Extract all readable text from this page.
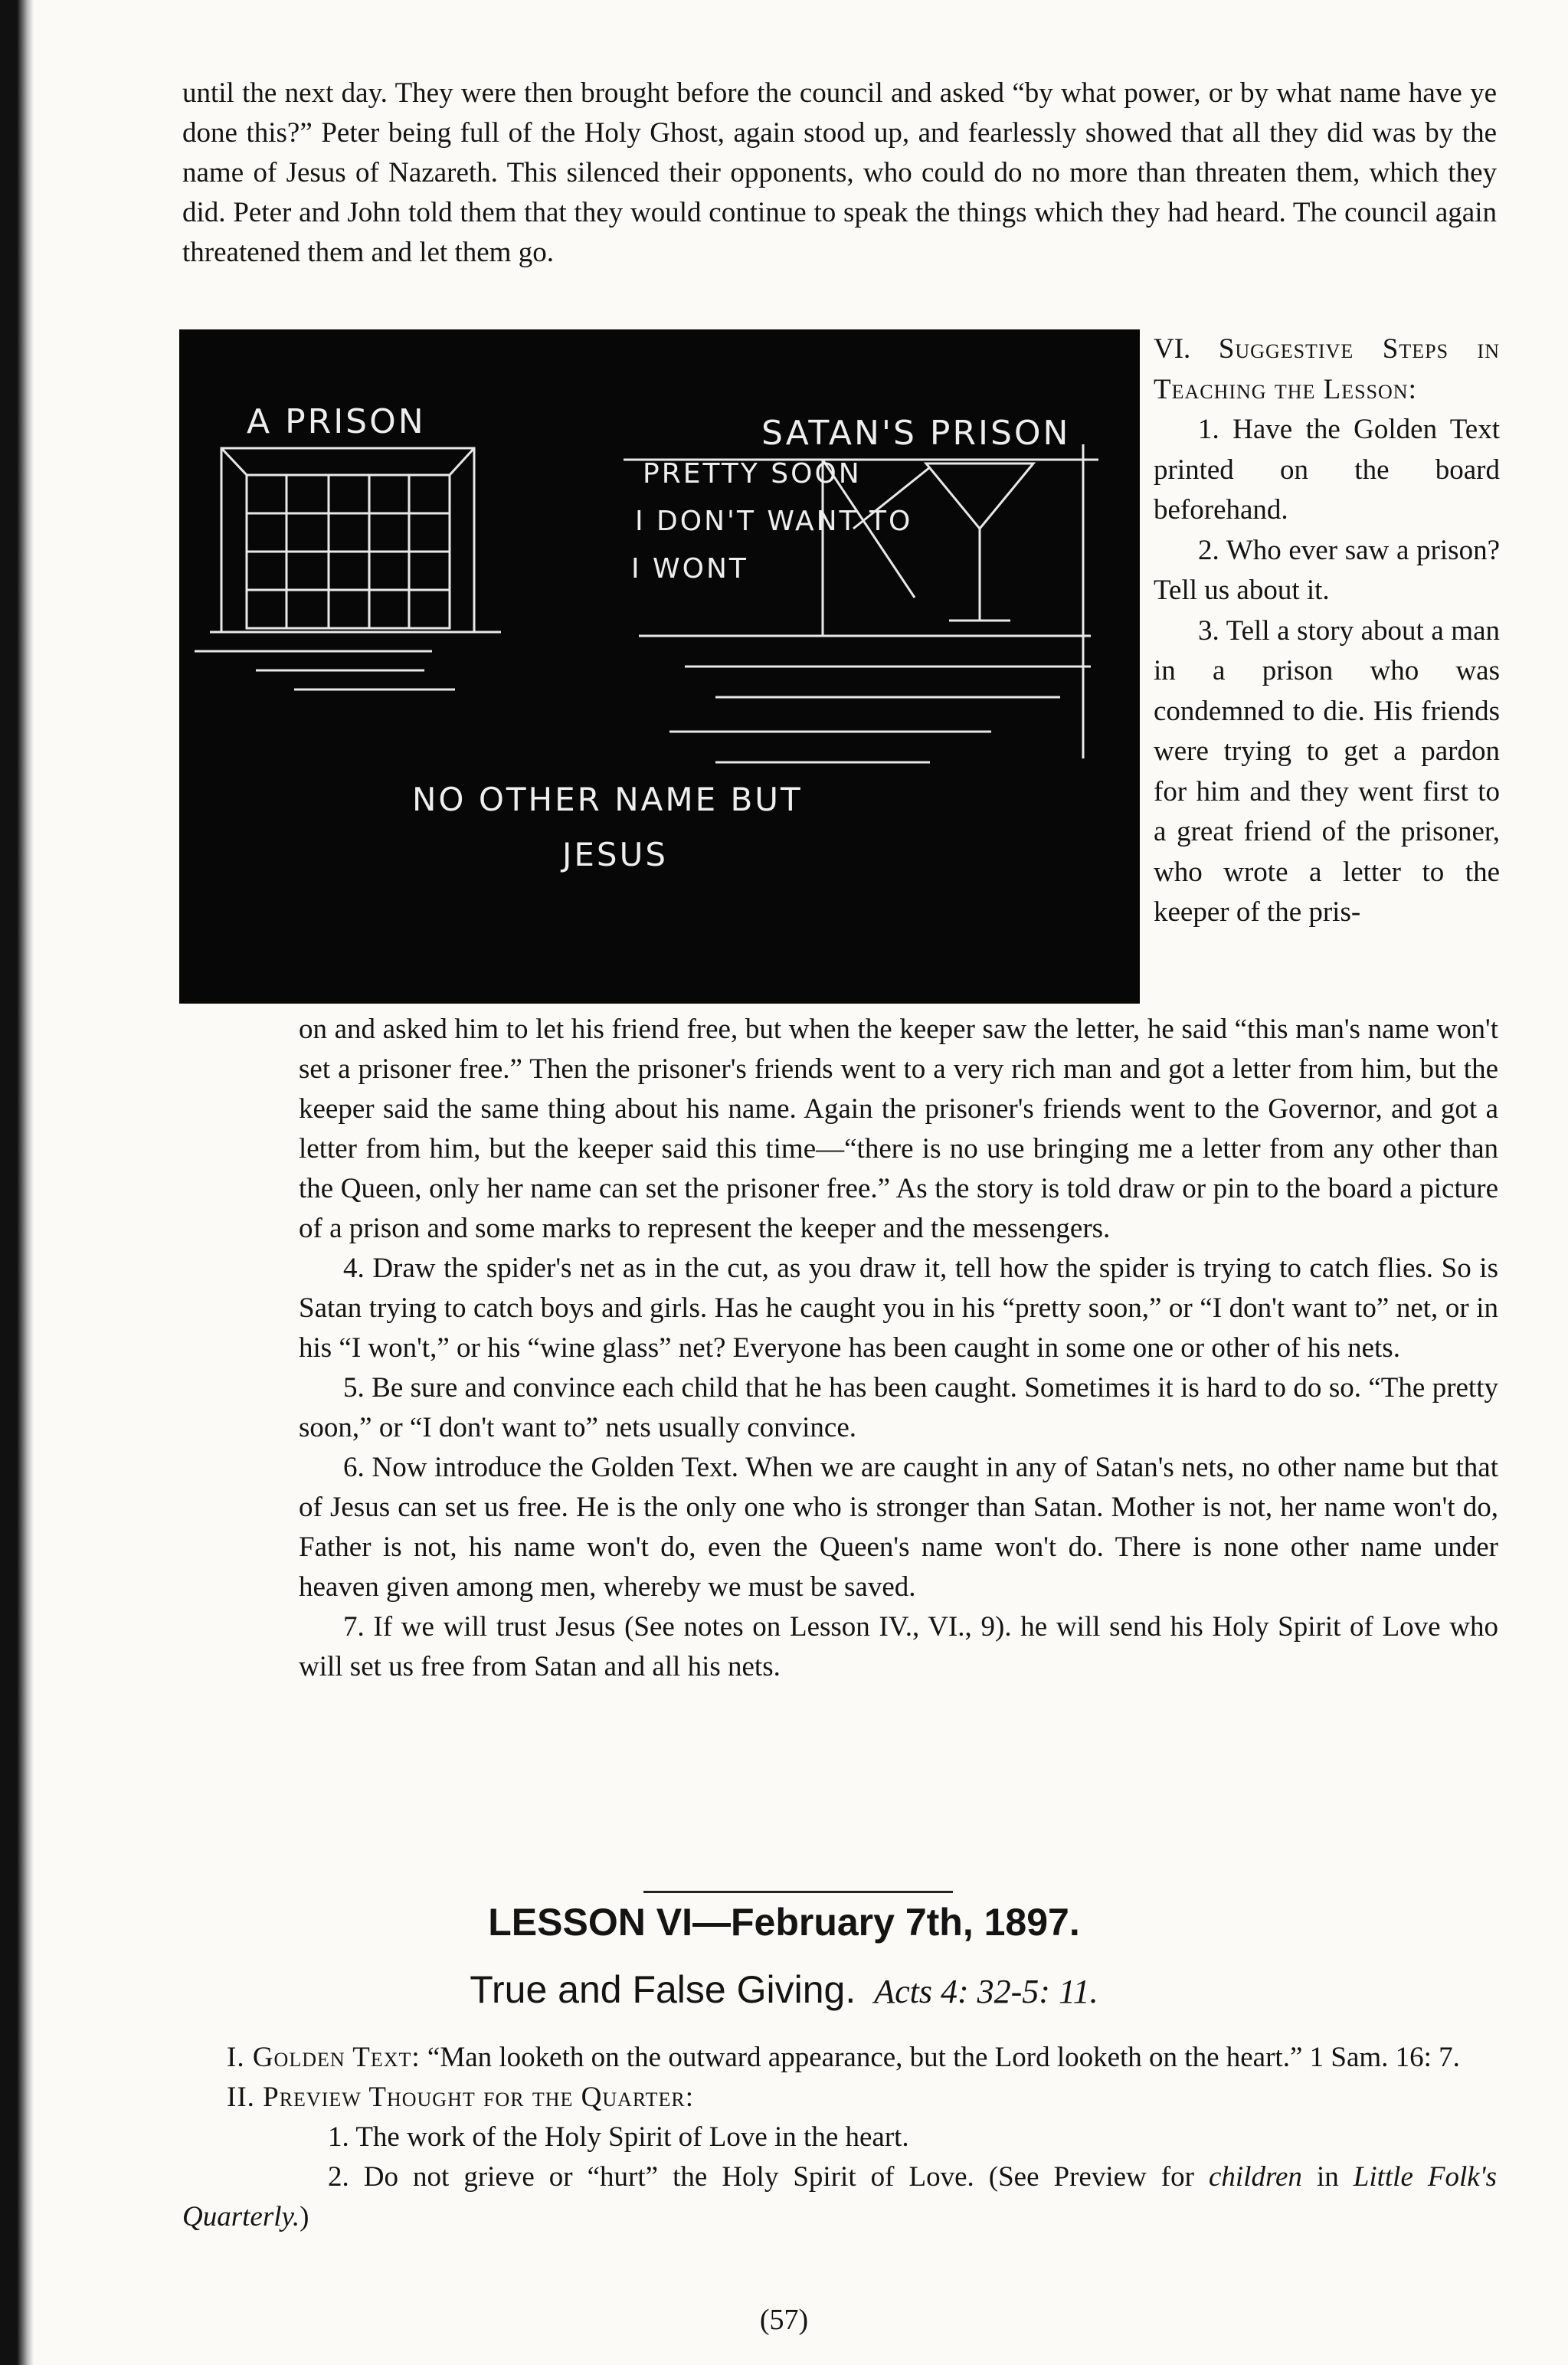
until the next day. They were then brought before the council and asked “by what power, or by what name have ye done this?” Peter being full of the Holy Ghost, again stood up, and fearlessly showed that all they did was by the name of Jesus of Nazareth. This silenced their opponents, who could do no more than threaten them, which they did. Peter and John told them that they would continue to speak the things which they had heard. The council again threatened them and let them go.

A PRISON	SATAN'S PRISON
PRETTY SOON
I DON'T WANT TO
I WONT
NO OTHER NAME BUT
JESUS

VI. Suggestive Steps in Teaching the Lesson:

1. Have the Golden Text printed on the board beforehand.

2. Who ever saw a prison? Tell us about it.

3. Tell a story about a man in a prison who was condemned to die. His friends were trying to get a pardon for him and they went first to a great friend of the prisoner, who wrote a letter to the keeper of the pris-

on and asked him to let his friend free, but when the keeper saw the letter, he said “this man's name won't set a prisoner free.” Then the prisoner's friends went to a very rich man and got a letter from him, but the keeper said the same thing about his name. Again the prisoner's friends went to the Governor, and got a letter from him, but the keeper said this time—“there is no use bringing me a letter from any other than the Queen, only her name can set the prisoner free.” As the story is told draw or pin to the board a picture of a prison and some marks to represent the keeper and the messengers.

4. Draw the spider's net as in the cut, as you draw it, tell how the spider is trying to catch flies. So is Satan trying to catch boys and girls. Has he caught you in his “pretty soon,” or “I don't want to” net, or in his “I won't,” or his “wine glass” net? Everyone has been caught in some one or other of his nets.

5. Be sure and convince each child that he has been caught. Sometimes it is hard to do so. “The pretty soon,” or “I don't want to” nets usually convince.

6. Now introduce the Golden Text. When we are caught in any of Satan's nets, no other name but that of Jesus can set us free. He is the only one who is stronger than Satan. Mother is not, her name won't do, Father is not, his name won't do, even the Queen's name won't do. There is none other name under heaven given among men, whereby we must be saved.

7. If we will trust Jesus (See notes on Lesson IV., VI., 9). he will send his Holy Spirit of Love who will set us free from Satan and all his nets.

LESSON VI—February 7th, 1897.
True and False Giving. Acts 4: 32-5: 11.

I. Golden Text: “Man looketh on the outward appearance, but the Lord looketh on the heart.” 1 Sam. 16: 7.

II. Preview Thought for the Quarter:

1. The work of the Holy Spirit of Love in the heart.

2. Do not grieve or “hurt” the Holy Spirit of Love. (See Preview for children in Little Folk's Quarterly.)

(57)
